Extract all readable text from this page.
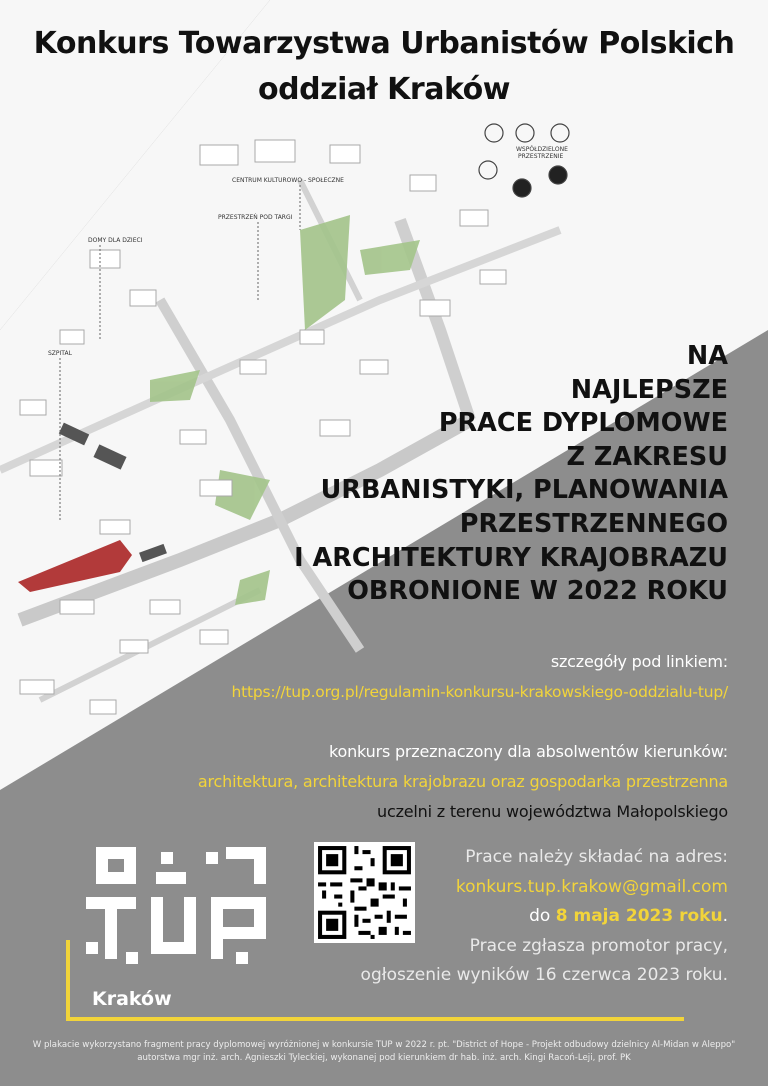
Konkurs Towarzystwa Urbanistów Polskich
oddział Kraków
CENTRUM KULTUROWO - SPOŁECZNE
PRZESTRZEŃ POD TARGI
DOMY DLA DZIECI
SZPITAL
WSPÓŁDZIELONE
PRZESTRZENIE
NA
NAJLEPSZE
PRACE DYPLOMOWE
Z ZAKRESU
URBANISTYKI, PLANOWANIA
PRZESTRZENNEGO
I ARCHITEKTURY KRAJOBRAZU
OBRONIONE W 2022 ROKU
szczegóły pod linkiem:
https://tup.org.pl/regulamin-konkursu-krakowskiego-oddzialu-tup/
konkurs przeznaczony dla absolwentów kierunków:
architektura, architektura krajobrazu oraz gospodarka przestrzenna
uczelni z terenu województwa Małopolskiego
Kraków
Prace należy składać na adres:
konkurs.tup.krakow@gmail.com
do 8 maja 2023 roku.
Prace zgłasza promotor pracy,
ogłoszenie wyników 16 czerwca 2023 roku.
W plakacie wykorzystano fragment pracy dyplomowej wyróżnionej w konkursie TUP w 2022 r. pt. "District of Hope - Projekt odbudowy dzielnicy Al-Midan w Aleppo"
autorstwa mgr inż. arch. Agnieszki Tyleckiej, wykonanej pod kierunkiem dr hab. inż. arch. Kingi Racoń-Leji, prof. PK
